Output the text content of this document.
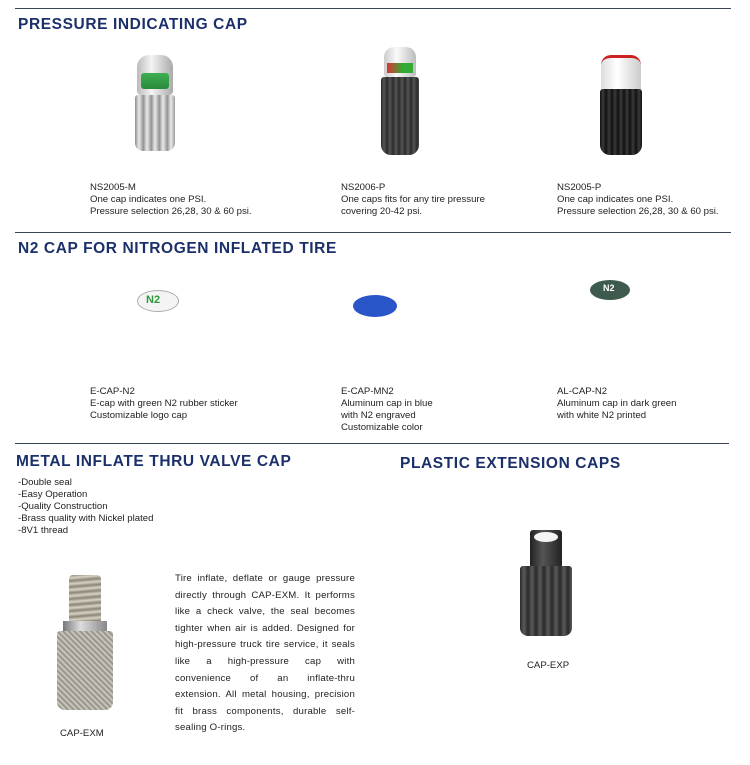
PRESSURE INDICATING CAP
NS2005-M
One cap indicates one PSI.
Pressure selection 26,28, 30 & 60 psi.
NS2006-P
One caps fits for any tire pressure
covering 20-42 psi.
NS2005-P
One cap indicates one PSI.
Pressure selection 26,28, 30 & 60 psi.
N2 CAP FOR NITROGEN INFLATED TIRE
N2
N2
E-CAP-N2
E-cap with green N2 rubber sticker
Customizable logo cap
E-CAP-MN2
Aluminum cap in blue
with N2 engraved
Customizable color
AL-CAP-N2
Aluminum cap in dark green
with white N2 printed
METAL INFLATE THRU VALVE CAP	PLASTIC EXTENSION CAPS
-Double seal
-Easy Operation
-Quality Construction
-Brass quality with Nickel plated
-8V1 thread
Tire inflate, deflate or gauge pressure directly through CAP-EXM. It performs like a check valve, the seal becomes tighter when air is added. Designed for high-pressure truck tire service, it seals like a high-pressure cap with convenience of an inflate-thru extension. All metal housing, precision fit brass components, durable self-sealing O-rings.
CAP-EXM
CAP-EXP
